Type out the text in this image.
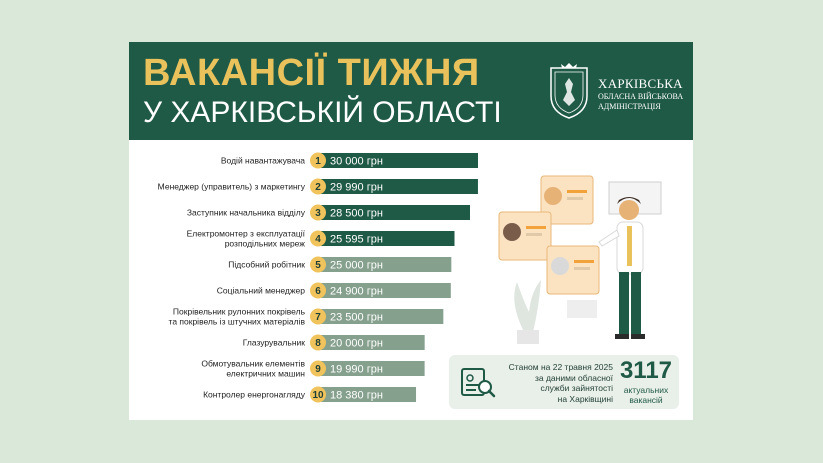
ВАКАНСІЇ ТИЖНЯ
У ХАРКІВСЬКІЙ ОБЛАСТІ
ХАРКІВСЬКА
ОБЛАСНА ВІЙСЬКОВА АДМІНІСТРАЦІЯ
1 30 000 грн
Водій навантажувача
2 29 990 грн
Менеджер (управитель) з маркетингу
3 28 500 грн
Заступник начальника відділу
4 25 595 грн
Електромонтер з експлуатації
розподільних мереж
5 25 000 грн
Підсобний робітник
6 24 900 грн
Соціальний менеджер
7 23 500 грн
Покрівельник рулонних покрівель
та покрівель із штучних матеріалів
8 20 000 грн
Глазурувальник
9 19 990 грн
Обмотувальник елементів
електричних машин
10 18 380 грн
Контролер енергонагляду
Станом на 22 травня 2025
за даними обласної
служби зайнятості
на Харківщині
3117
актуальних
вакансій
